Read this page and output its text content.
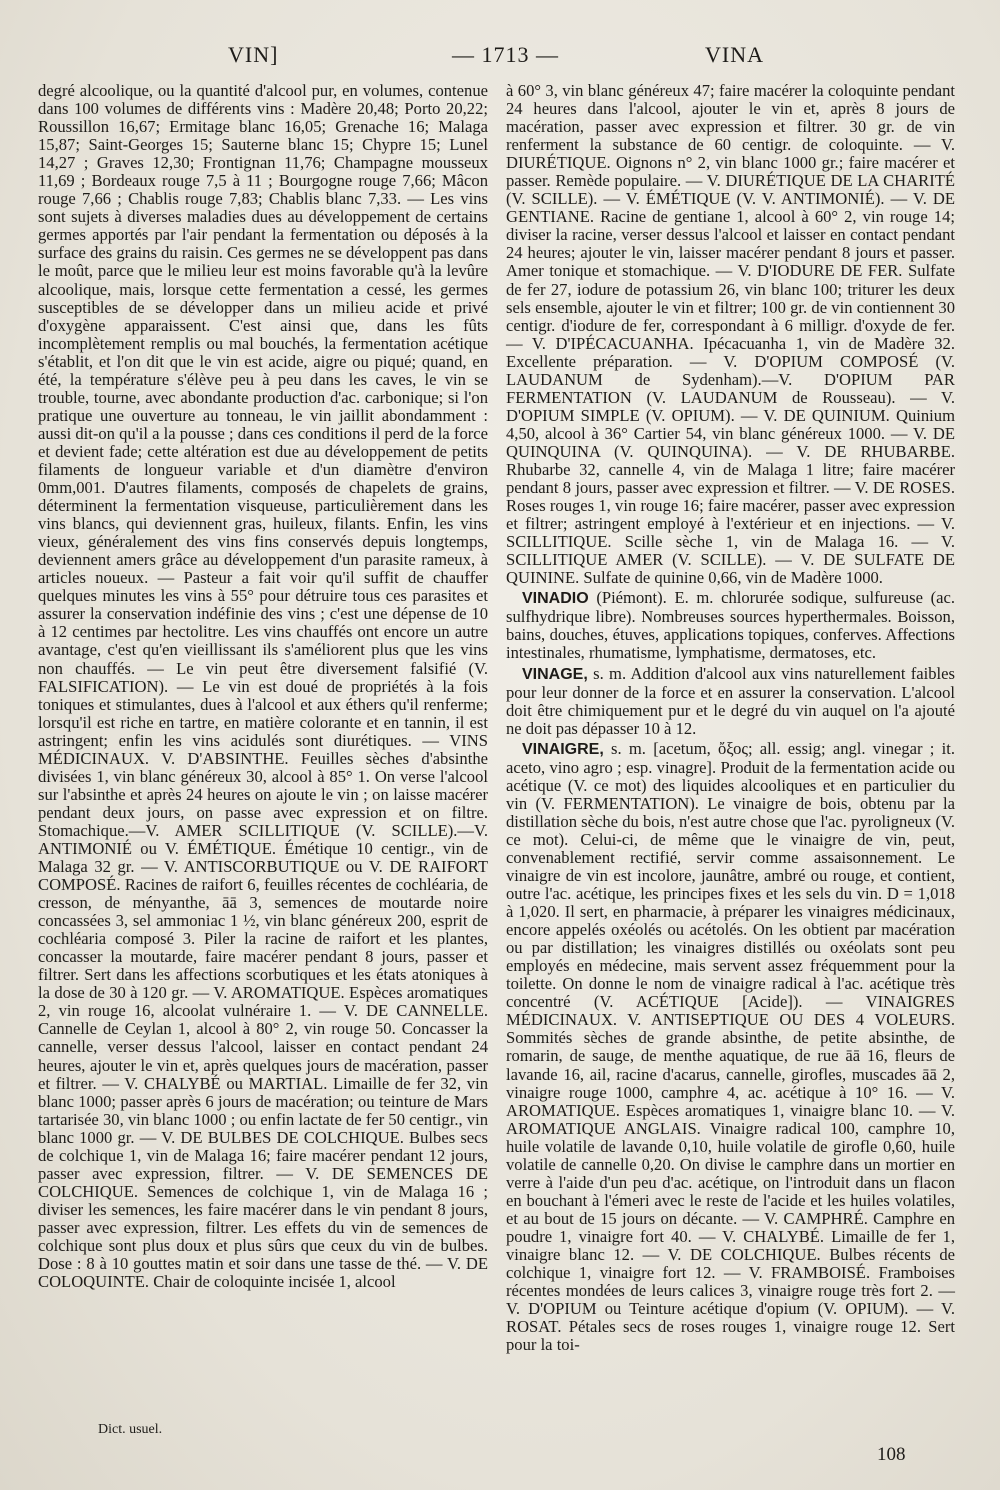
VIN]	— 1713 —	VINA

degré alcoolique, ou la quantité d'alcool pur, en volumes, contenue dans 100 volumes de différents vins : Madère 20,48; Porto 20,22; Roussillon 16,67; Ermitage blanc 16,05; Grenache 16; Malaga 15,87; Saint-Georges 15; Sauterne blanc 15; Chypre 15; Lunel 14,27 ; Graves 12,30; Frontignan 11,76; Champagne mousseux 11,69 ; Bordeaux rouge 7,5 à 11 ; Bourgogne rouge 7,66; Mâcon rouge 7,66 ; Chablis rouge 7,83; Chablis blanc 7,33. — Les vins sont sujets à diverses maladies dues au développement de certains germes apportés par l'air pendant la fermentation ou déposés à la surface des grains du raisin. Ces germes ne se développent pas dans le moût, parce que le milieu leur est moins favorable qu'à la levûre alcoolique, mais, lorsque cette fermentation a cessé, les germes susceptibles de se développer dans un milieu acide et privé d'oxygène apparaissent. C'est ainsi que, dans les fûts incomplètement remplis ou mal bouchés, la fermentation acétique s'établit, et l'on dit que le vin est acide, aigre ou piqué; quand, en été, la température s'élève peu à peu dans les caves, le vin se trouble, tourne, avec abondante production d'ac. carbonique; si l'on pratique une ouverture au tonneau, le vin jaillit abondamment : aussi dit-on qu'il a la pousse ; dans ces conditions il perd de la force et devient fade; cette altération est due au développement de petits filaments de longueur variable et d'un diamètre d'environ 0mm,001. D'autres filaments, composés de chapelets de grains, déterminent la fermentation visqueuse, particulièrement dans les vins blancs, qui deviennent gras, huileux, filants. Enfin, les vins vieux, généralement des vins fins conservés depuis longtemps, deviennent amers grâce au développement d'un parasite rameux, à articles noueux. — Pasteur a fait voir qu'il suffit de chauffer quelques minutes les vins à 55° pour détruire tous ces parasites et assurer la conservation indéfinie des vins ; c'est une dépense de 10 à 12 centimes par hectolitre. Les vins chauffés ont encore un autre avantage, c'est qu'en vieillissant ils s'améliorent plus que les vins non chauffés. — Le vin peut être diversement falsifié (V. FALSIFICATION). — Le vin est doué de propriétés à la fois toniques et stimulantes, dues à l'alcool et aux éthers qu'il renferme; lorsqu'il est riche en tartre, en matière colorante et en tannin, il est astringent; enfin les vins acidulés sont diurétiques. — VINS MÉDICINAUX. V. D'ABSINTHE. Feuilles sèches d'absinthe divisées 1, vin blanc généreux 30, alcool à 85° 1. On verse l'alcool sur l'absinthe et après 24 heures on ajoute le vin ; on laisse macérer pendant deux jours, on passe avec expression et on filtre. Stomachique.—V. AMER SCILLITIQUE (V. SCILLE).—V. ANTIMONIÉ ou V. ÉMÉTIQUE. Émétique 10 centigr., vin de Malaga 32 gr. — V. ANTISCORBUTIQUE ou V. DE RAIFORT COMPOSÉ. Racines de raifort 6, feuilles récentes de cochléaria, de cresson, de ményanthe, āā 3, semences de moutarde noire concassées 3, sel ammoniac 1 ½, vin blanc généreux 200, esprit de cochléaria composé 3. Piler la racine de raifort et les plantes, concasser la moutarde, faire macérer pendant 8 jours, passer et filtrer. Sert dans les affections scorbutiques et les états atoniques à la dose de 30 à 120 gr. — V. AROMATIQUE. Espèces aromatiques 2, vin rouge 16, alcoolat vulnéraire 1. — V. DE CANNELLE. Cannelle de Ceylan 1, alcool à 80° 2, vin rouge 50. Concasser la cannelle, verser dessus l'alcool, laisser en contact pendant 24 heures, ajouter le vin et, après quelques jours de macération, passer et filtrer. — V. CHALYBÉ ou MARTIAL. Limaille de fer 32, vin blanc 1000; passer après 6 jours de macération; ou teinture de Mars tartarisée 30, vin blanc 1000 ; ou enfin lactate de fer 50 centigr., vin blanc 1000 gr. — V. DE BULBES DE COLCHIQUE. Bulbes secs de colchique 1, vin de Malaga 16; faire macérer pendant 12 jours, passer avec expression, filtrer. — V. DE SEMENCES DE COLCHIQUE. Semences de colchique 1, vin de Malaga 16 ; diviser les semences, les faire macérer dans le vin pendant 8 jours, passer avec expression, filtrer. Les effets du vin de semences de colchique sont plus doux et plus sûrs que ceux du vin de bulbes. Dose : 8 à 10 gouttes matin et soir dans une tasse de thé. — V. DE COLOQUINTE. Chair de coloquinte incisée 1, alcool

à 60° 3, vin blanc généreux 47; faire macérer la coloquinte pendant 24 heures dans l'alcool, ajouter le vin et, après 8 jours de macération, passer avec expression et filtrer. 30 gr. de vin renferment la substance de 60 centigr. de coloquinte. — V. DIURÉTIQUE. Oignons n° 2, vin blanc 1000 gr.; faire macérer et passer. Remède populaire. — V. DIURÉTIQUE DE LA CHARITÉ (V. SCILLE). — V. ÉMÉTIQUE (V. V. ANTIMONIÉ). — V. DE GENTIANE. Racine de gentiane 1, alcool à 60° 2, vin rouge 14; diviser la racine, verser dessus l'alcool et laisser en contact pendant 24 heures; ajouter le vin, laisser macérer pendant 8 jours et passer. Amer tonique et stomachique. — V. D'IODURE DE FER. Sulfate de fer 27, iodure de potassium 26, vin blanc 100; triturer les deux sels ensemble, ajouter le vin et filtrer; 100 gr. de vin contiennent 30 centigr. d'iodure de fer, correspondant à 6 milligr. d'oxyde de fer. — V. D'IPÉCACUANHA. Ipécacuanha 1, vin de Madère 32. Excellente préparation. — V. D'OPIUM COMPOSÉ (V. LAUDANUM de Sydenham).—V. D'OPIUM PAR FERMENTATION (V. LAUDANUM de Rousseau). — V. D'OPIUM SIMPLE (V. OPIUM). — V. DE QUINIUM. Quinium 4,50, alcool à 36° Cartier 54, vin blanc généreux 1000. — V. DE QUINQUINA (V. QUINQUINA). — V. DE RHUBARBE. Rhubarbe 32, cannelle 4, vin de Malaga 1 litre; faire macérer pendant 8 jours, passer avec expression et filtrer. — V. DE ROSES. Roses rouges 1, vin rouge 16; faire macérer, passer avec expression et filtrer; astringent employé à l'extérieur et en injections. — V. SCILLITIQUE. Scille sèche 1, vin de Malaga 16. — V. SCILLITIQUE AMER (V. SCILLE). — V. DE SULFATE DE QUININE. Sulfate de quinine 0,66, vin de Madère 1000.

VINADIO (Piémont). E. m. chlorurée sodique, sulfureuse (ac. sulfhydrique libre). Nombreuses sources hyperthermales. Boisson, bains, douches, étuves, applications topiques, conferves. Affections intestinales, rhumatisme, lymphatisme, dermatoses, etc.

VINAGE, s. m. Addition d'alcool aux vins naturellement faibles pour leur donner de la force et en assurer la conservation. L'alcool doit être chimiquement pur et le degré du vin auquel on l'a ajouté ne doit pas dépasser 10 à 12.

VINAIGRE, s. m. [acetum, ὄξος; all. essig; angl. vinegar ; it. aceto, vino agro ; esp. vinagre]. Produit de la fermentation acide ou acétique (V. ce mot) des liquides alcooliques et en particulier du vin (V. FERMENTATION). Le vinaigre de bois, obtenu par la distillation sèche du bois, n'est autre chose que l'ac. pyroligneux (V. ce mot). Celui-ci, de même que le vinaigre de vin, peut, convenablement rectifié, servir comme assaisonnement. Le vinaigre de vin est incolore, jaunâtre, ambré ou rouge, et contient, outre l'ac. acétique, les principes fixes et les sels du vin. D = 1,018 à 1,020. Il sert, en pharmacie, à préparer les vinaigres médicinaux, encore appelés oxéolés ou acétolés. On les obtient par macération ou par distillation; les vinaigres distillés ou oxéolats sont peu employés en médecine, mais servent assez fréquemment pour la toilette. On donne le nom de vinaigre radical à l'ac. acétique très concentré (V. ACÉTIQUE [Acide]). — VINAIGRES MÉDICINAUX. V. ANTISEPTIQUE OU DES 4 VOLEURS. Sommités sèches de grande absinthe, de petite absinthe, de romarin, de sauge, de menthe aquatique, de rue āā 16, fleurs de lavande 16, ail, racine d'acarus, cannelle, girofles, muscades āā 2, vinaigre rouge 1000, camphre 4, ac. acétique à 10° 16. — V. AROMATIQUE. Espèces aromatiques 1, vinaigre blanc 10. — V. AROMATIQUE ANGLAIS. Vinaigre radical 100, camphre 10, huile volatile de lavande 0,10, huile volatile de girofle 0,60, huile volatile de cannelle 0,20. On divise le camphre dans un mortier en verre à l'aide d'un peu d'ac. acétique, on l'introduit dans un flacon en bouchant à l'émeri avec le reste de l'acide et les huiles volatiles, et au bout de 15 jours on décante. — V. CAMPHRÉ. Camphre en poudre 1, vinaigre fort 40. — V. CHALYBÉ. Limaille de fer 1, vinaigre blanc 12. — V. DE COLCHIQUE. Bulbes récents de colchique 1, vinaigre fort 12. — V. FRAMBOISÉ. Framboises récentes mondées de leurs calices 3, vinaigre rouge très fort 2. — V. D'OPIUM ou Teinture acétique d'opium (V. OPIUM). — V. ROSAT. Pétales secs de roses rouges 1, vinaigre rouge 12. Sert pour la toi-

Dict. usuel.
108
